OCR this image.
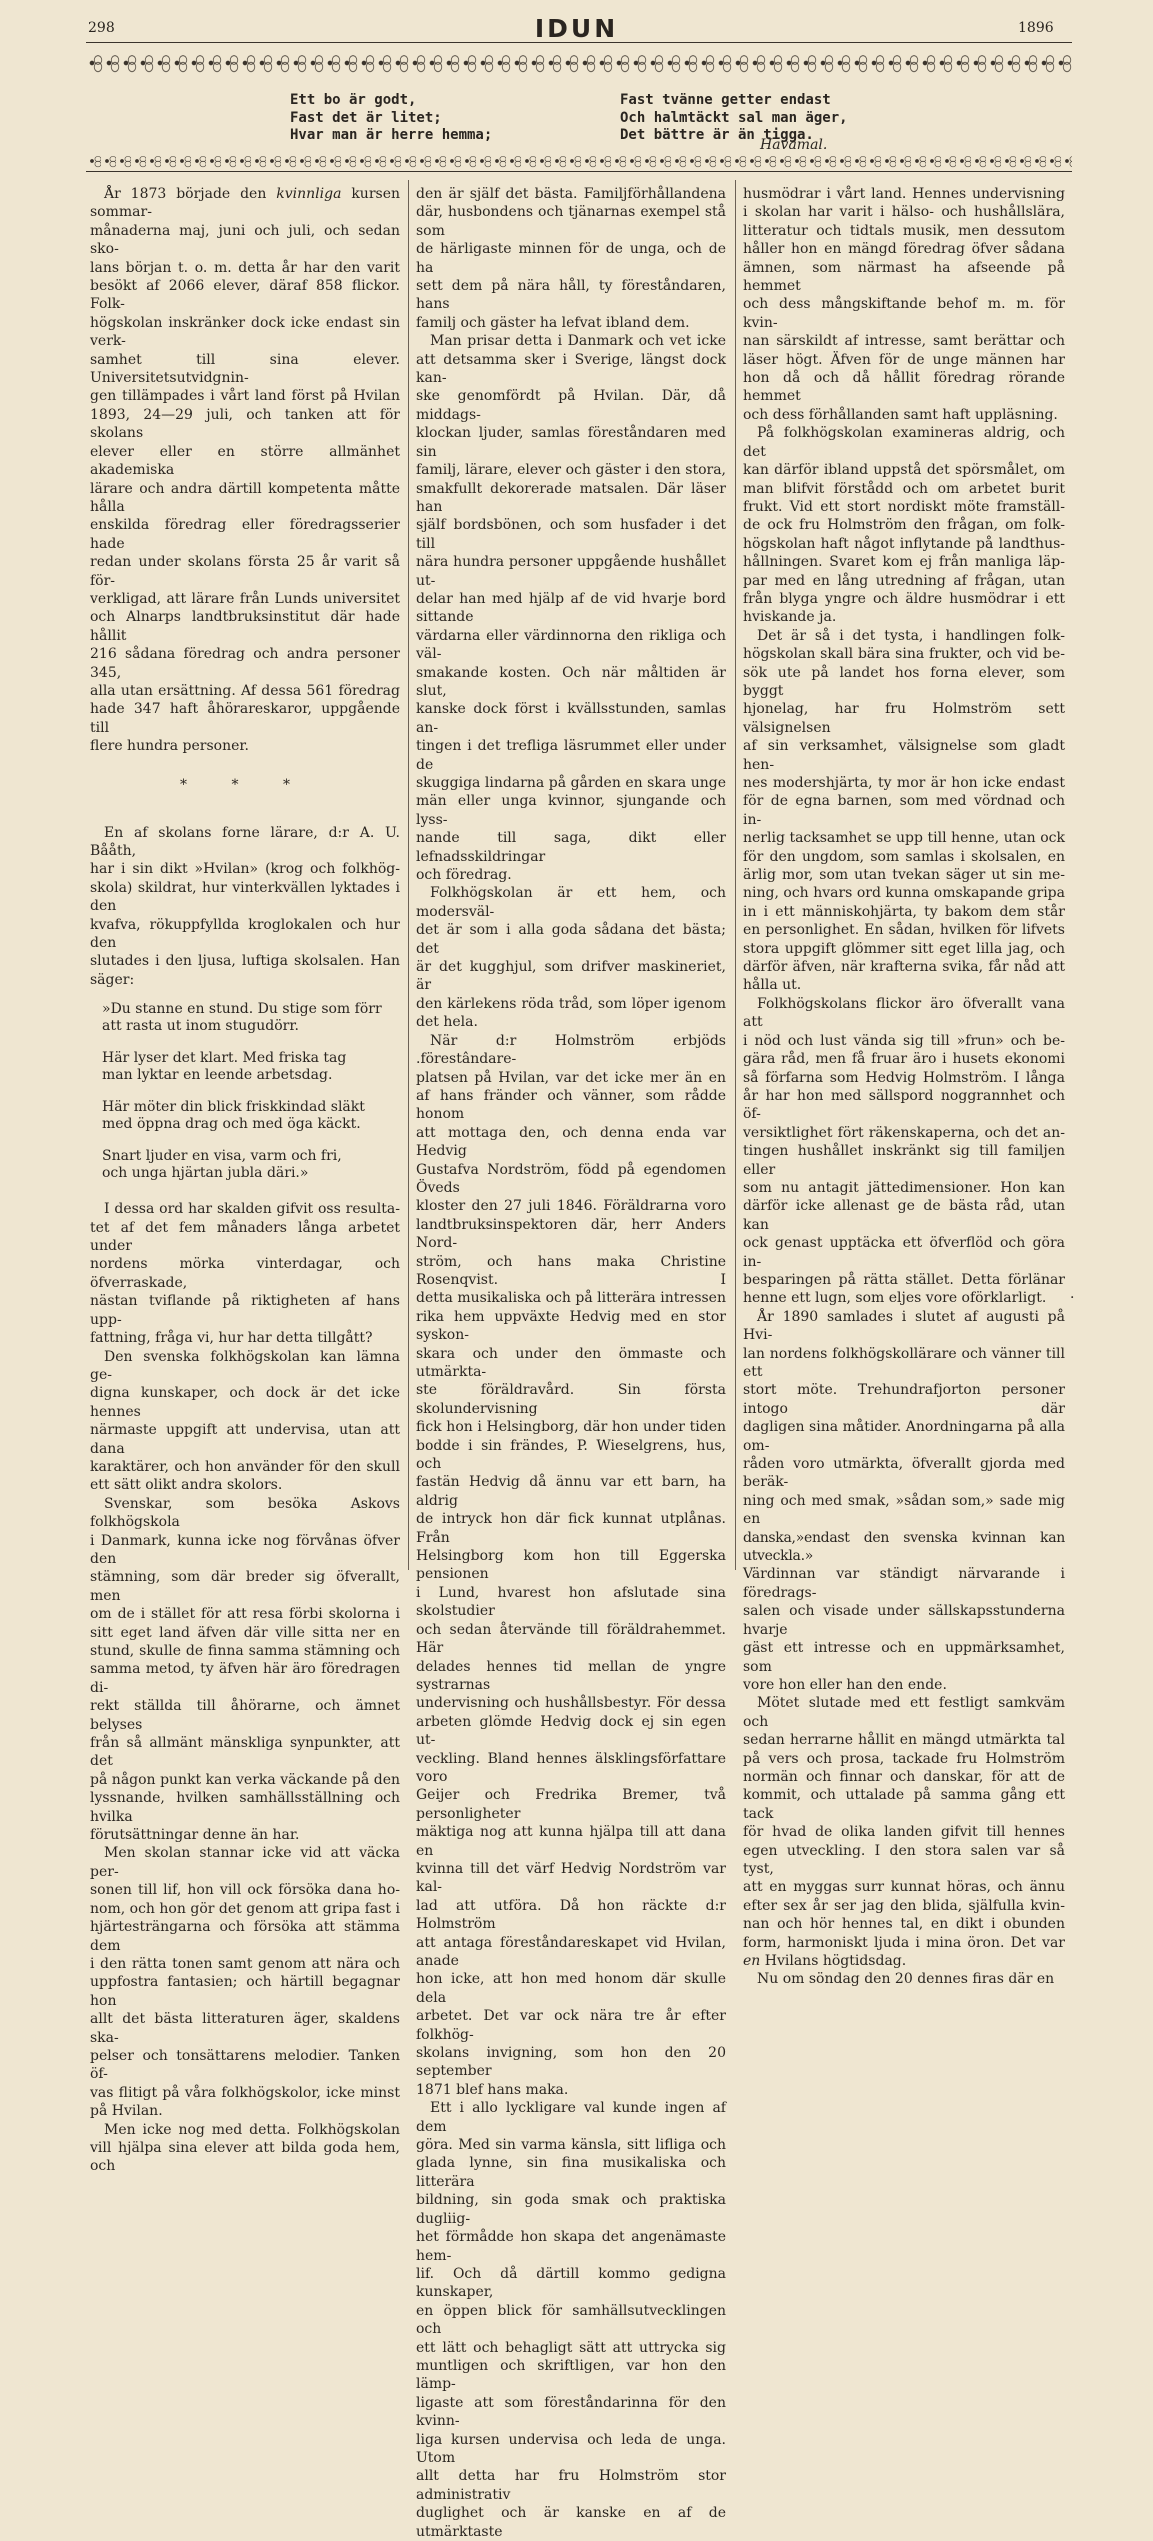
298	IDUN	1896
Ett bo är godt,
Fast det är litet;
Hvar man är herre hemma;
Fast tvänne getter endast
Och halmtäckt sal man äger,
Det bättre är än tigga.
Havamal.
År 1873 började den kvinnliga kursen sommar-
månaderna maj, juni och juli, och sedan sko-
lans början t. o. m. detta år har den varit
besökt af 2066 elever, däraf 858 flickor. Folk-
högskolan inskränker dock icke endast sin verk-
samhet till sina elever. Universitetsutvidgnin-
gen tillämpades i vårt land först på Hvilan
1893, 24—29 juli, och tanken att för skolans
elever eller en större allmänhet akademiska
lärare och andra därtill kompetenta måtte hålla
enskilda föredrag eller föredragsserier hade
redan under skolans första 25 år varit så för-
verkligad, att lärare från Lunds universitet
och Alnarps landtbruksinstitut där hade hållit
216 sådana föredrag och andra personer 345,
alla utan ersättning. Af dessa 561 föredrag
hade 347 haft åhörareskaror, uppgående till
flere hundra personer.
* * *
En af skolans forne lärare, d:r A. U. Bååth,
har i sin dikt »Hvilan» (krog och folkhög-
skola) skildrat, hur vinterkvällen lyktades i den
kvafva, rökuppfyllda kroglokalen och hur den
slutades i den ljusa, luftiga skolsalen. Han
säger:
»Du stanne en stund. Du stige som förr
att rasta ut inom stugudörr.
Här lyser det klart. Med friska tag
man lyktar en leende arbetsdag.
Här möter din blick friskkindad släkt
med öppna drag och med öga käckt.
Snart ljuder en visa, varm och fri,
och unga hjärtan jubla däri.»
I dessa ord har skalden gifvit oss resulta-
tet af det fem månaders långa arbetet under
nordens mörka vinterdagar, och öfverraskade,
nästan tviflande på riktigheten af hans upp-
fattning, fråga vi, hur har detta tillgått?
Den svenska folkhögskolan kan lämna ge-
digna kunskaper, och dock är det icke hennes
närmaste uppgift att undervisa, utan att dana
karaktärer, och hon använder för den skull
ett sätt olikt andra skolors.
Svenskar, som besöka Askovs folkhögskola
i Danmark, kunna icke nog förvånas öfver den
stämning, som där breder sig öfverallt, men
om de i stället för att resa förbi skolorna i
sitt eget land äfven där ville sitta ner en
stund, skulle de finna samma stämning och
samma metod, ty äfven här äro föredragen di-
rekt ställda till åhörarne, och ämnet belyses
från så allmänt mänskliga synpunkter, att det
på någon punkt kan verka väckande på den
lyssnande, hvilken samhällsställning och hvilka
förutsättningar denne än har.
Men skolan stannar icke vid att väcka per-
sonen till lif, hon vill ock försöka dana ho-
nom, och hon gör det genom att gripa fast i
hjärtesträngarna och försöka att stämma dem
i den rätta tonen samt genom att nära och
uppfostra fantasien; och härtill begagnar hon
allt det bästa litteraturen äger, skaldens ska-
pelser och tonsättarens melodier. Tanken öf-
vas flitigt på våra folkhögskolor, icke minst
på Hvilan.
Men icke nog med detta. Folkhögskolan
vill hjälpa sina elever att bilda goda hem, och
den är själf det bästa. Familjförhållandena
där, husbondens och tjänarnas exempel stå som
de härligaste minnen för de unga, och de ha
sett dem på nära håll, ty föreståndaren, hans
familj och gäster ha lefvat ibland dem.
Man prisar detta i Danmark och vet icke
att detsamma sker i Sverige, längst dock kan-
ske genomfördt på Hvilan. Där, då middags-
klockan ljuder, samlas föreståndaren med sin
familj, lärare, elever och gäster i den stora,
smakfullt dekorerade matsalen. Där läser han
själf bordsbönen, och som husfader i det till
nära hundra personer uppgående hushållet ut-
delar han med hjälp af de vid hvarje bord sittande
värdarna eller värdinnorna den rikliga och väl-
smakande kosten. Och när måltiden är slut,
kanske dock först i kvällsstunden, samlas an-
tingen i det trefliga läsrummet eller under de
skuggiga lindarna på gården en skara unge
män eller unga kvinnor, sjungande och lyss-
nande till saga, dikt eller lefnadsskildringar
och föredrag.
Folkhögskolan är ett hem, och modersväl-
det är som i alla goda sådana det bästa; det
är det kugghjul, som drifver maskineriet, är
den kärlekens röda tråd, som löper igenom
det hela.
När d:r Holmström erbjöds .förestândare-
platsen på Hvilan, var det icke mer än en
af hans fränder och vänner, som rådde honom
att mottaga den, och denna enda var Hedvig
Gustafva Nordström, född på egendomen Öveds
kloster den 27 juli 1846. Föräldrarna voro
landtbruksinspektoren där, herr Anders Nord-
ström, och hans maka Christine Rosenqvist. I
detta musikaliska och på litterära intressen
rika hem uppväxte Hedvig med en stor syskon-
skara och under den ömmaste och utmärkta-
ste föräldravård. Sin första skolundervisning
fick hon i Helsingborg, där hon under tiden
bodde i sin frändes, P. Wieselgrens, hus, och
fastän Hedvig då ännu var ett barn, ha aldrig
de intryck hon där fick kunnat utplånas. Från
Helsingborg kom hon till Eggerska pensionen
i Lund, hvarest hon afslutade sina skolstudier
och sedan återvände till föräldrahemmet. Här
delades hennes tid mellan de yngre systrarnas
undervisning och hushållsbestyr. För dessa
arbeten glömde Hedvig dock ej sin egen ut-
veckling. Bland hennes älsklingsförfattare voro
Geijer och Fredrika Bremer, två personligheter
mäktiga nog att kunna hjälpa till att dana en
kvinna till det värf Hedvig Nordström var kal-
lad att utföra. Då hon räckte d:r Holmström
att antaga föreståndareskapet vid Hvilan, anade
hon icke, att hon med honom där skulle dela
arbetet. Det var ock nära tre år efter folkhög-
skolans invigning, som hon den 20 september
1871 blef hans maka.
Ett i allo lyckligare val kunde ingen af dem
göra. Med sin varma känsla, sitt lifliga och
glada lynne, sin fina musikaliska och litterära
bildning, sin goda smak och praktiska dugliig-
het förmådde hon skapa det angenämaste hem-
lif. Och då därtill kommo gedigna kunskaper,
en öppen blick för samhällsutvecklingen och
ett lätt och behagligt sätt att uttrycka sig
muntligen och skriftligen, var hon den lämp-
ligaste att som föreståndarinna för den kvinn-
liga kursen undervisa och leda de unga. Utom
allt detta har fru Holmström stor administrativ
duglighet och är kanske en af de utmärktaste
husmödrar i vårt land. Hennes undervisning
i skolan har varit i hälso- och hushållslära,
litteratur och tidtals musik, men dessutom
håller hon en mängd föredrag öfver sådana
ämnen, som närmast ha afseende på hemmet
och dess mångskiftande behof m. m. för kvin-
nan särskildt af intresse, samt berättar och
läser högt. Äfven för de unge männen har
hon då och då hållit föredrag rörande hemmet
och dess förhållanden samt haft uppläsning.
På folkhögskolan examineras aldrig, och det
kan därför ibland uppstå det spörsmålet, om
man blifvit förstådd och om arbetet burit
frukt. Vid ett stort nordiskt möte framställ-
de ock fru Holmström den frågan, om folk-
högskolan haft något inflytande på landthus-
hållningen. Svaret kom ej från manliga läp-
par med en lång utredning af frågan, utan
från blyga yngre och äldre husmödrar i ett
hviskande ja.
Det är så i det tysta, i handlingen folk-
högskolan skall bära sina frukter, och vid be-
sök ute på landet hos forna elever, som byggt
hjonelag, har fru Holmström sett välsignelsen
af sin verksamhet, välsignelse som gladt hen-
nes modershjärta, ty mor är hon icke endast
för de egna barnen, som med vördnad och in-
nerlig tacksamhet se upp till henne, utan ock
för den ungdom, som samlas i skolsalen, en
ärlig mor, som utan tvekan säger ut sin me-
ning, och hvars ord kunna omskapande gripa
in i ett människohjärta, ty bakom dem står
en personlighet. En sådan, hvilken för lifvets
stora uppgift glömmer sitt eget lilla jag, och
därför äfven, när krafterna svika, får nåd att
hålla ut.
Folkhögskolans flickor äro öfverallt vana att
i nöd och lust vända sig till »frun» och be-
gära råd, men få fruar äro i husets ekonomi
så förfarna som Hedvig Holmström. I långa
år har hon med sällspord noggrannhet och öf-
versiktlighet fört räkenskaperna, och det an-
tingen hushållet inskränkt sig till familjen eller
som nu antagit jättedimensioner. Hon kan
därför icke allenast ge de bästa råd, utan kan
ock genast upptäcka ett öfverflöd och göra in-
besparingen på rätta stället. Detta förlänar
henne ett lugn, som eljes vore oförklarligt.
År 1890 samlades i slutet af augusti på Hvi-
lan nordens folkhögskollärare och vänner till ett
stort möte. Trehundrafjorton personer intogo där
dagligen sina måtider. Anordningarna på alla om-
råden voro utmärkta, öfverallt gjorda med beräk-
ning och med smak, »sådan som,» sade mig en
danska,»endast den svenska kvinnan kan utveckla.»
Värdinnan var ständigt närvarande i föredrags-
salen och visade under sällskapsstunderna hvarje
gäst ett intresse och en uppmärksamhet, som
vore hon eller han den ende.
Mötet slutade med ett festligt samkväm och
sedan herrarne hållit en mängd utmärkta tal
på vers och prosa, tackade fru Holmström
normän och finnar och danskar, för att de
kommit, och uttalade på samma gång ett tack
för hvad de olika landen gifvit till hennes
egen utveckling. I den stora salen var så tyst,
att en myggas surr kunnat höras, och ännu
efter sex år ser jag den blida, själfulla kvin-
nan och hör hennes tal, en dikt i obunden
form, harmoniskt ljuda i mina öron. Det var
en Hvilans högtidsdag.
Nu om söndag den 20 dennes firas där en
·
